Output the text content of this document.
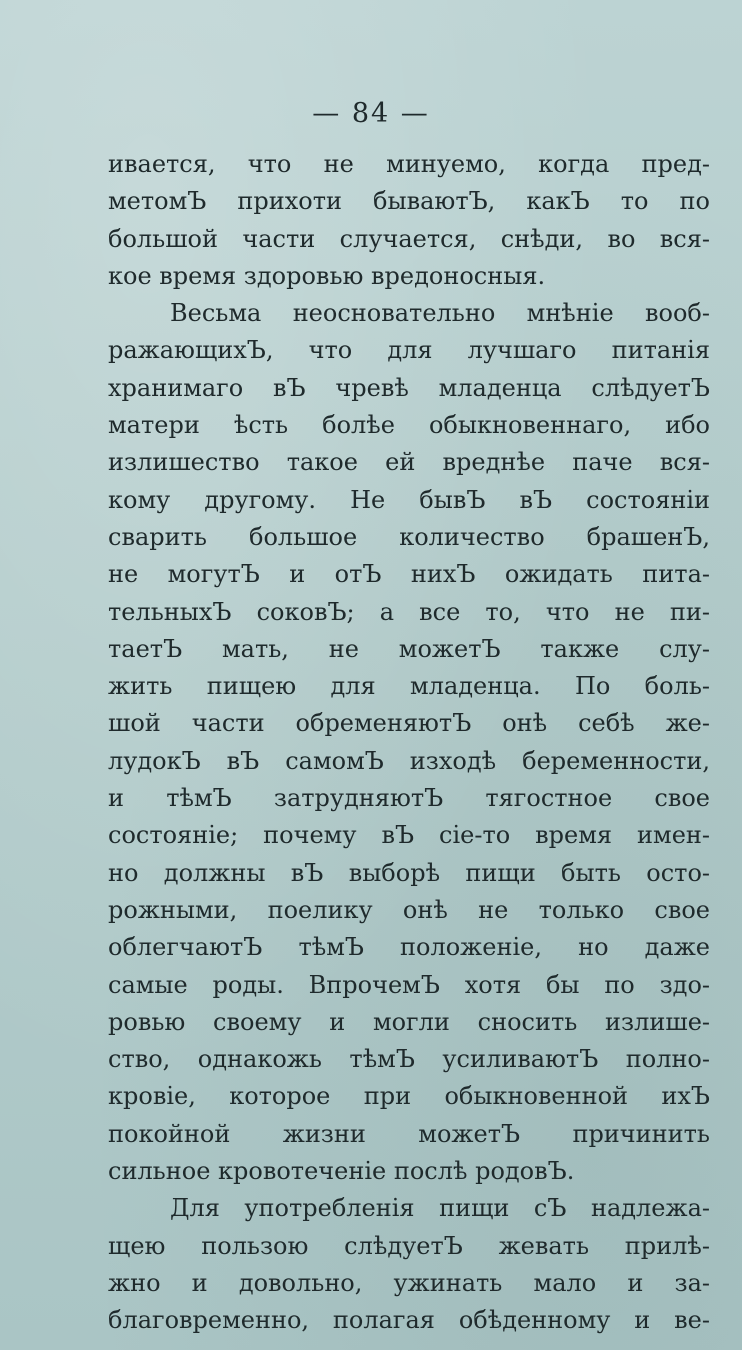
— 84 —
ивается, что не минуемо, когда пред-
метомЪ прихоти бываютЪ, какЪ то по
большой части случается, снѣди, во вся-
кое время здоровью вредоносныя.
Весьма неосновательно мнѣніе вооб-
ражающихЪ, что для лучшаго питанія
хранимаго вЪ чревѣ младенца слѣдуетЪ
матери ѣсть болѣе обыкновеннаго, ибо
излишество такое ей вреднѣе паче вся-
кому другому. Не бывЪ вЪ состояніи
сварить большое количество брашенЪ,
не могутЪ и отЪ нихЪ ожидать пита-
тельныхЪ соковЪ; а все то, что не пи-
таетЪ мать, не можетЪ также слу-
жить пищею для младенца. По боль-
шой части обременяютЪ онѣ себѣ же-
лудокЪ вЪ самомЪ изходѣ беременности,
и тѣмЪ затрудняютЪ тягостное свое
состояніе; почему вЪ сіе-то время имен-
но должны вЪ выборѣ пищи быть осто-
рожными, поелику онѣ не только свое
облегчаютЪ тѣмЪ положеніе, но даже
самые роды. ВпрочемЪ хотя бы по здо-
ровью своему и могли сносить излише-
ство, однакожь тѣмЪ усиливаютЪ полно-
кровіе, которое при обыкновенной ихЪ
покойной жизни можетЪ причинить
сильное кровотеченіе послѣ родовЪ.
Для употребленія пищи сЪ надлежа-
щею пользою слѣдуетЪ жевать прилѣ-
жно и довольно, ужинать мало и за-
благовременно, полагая обѣденному и ве-
